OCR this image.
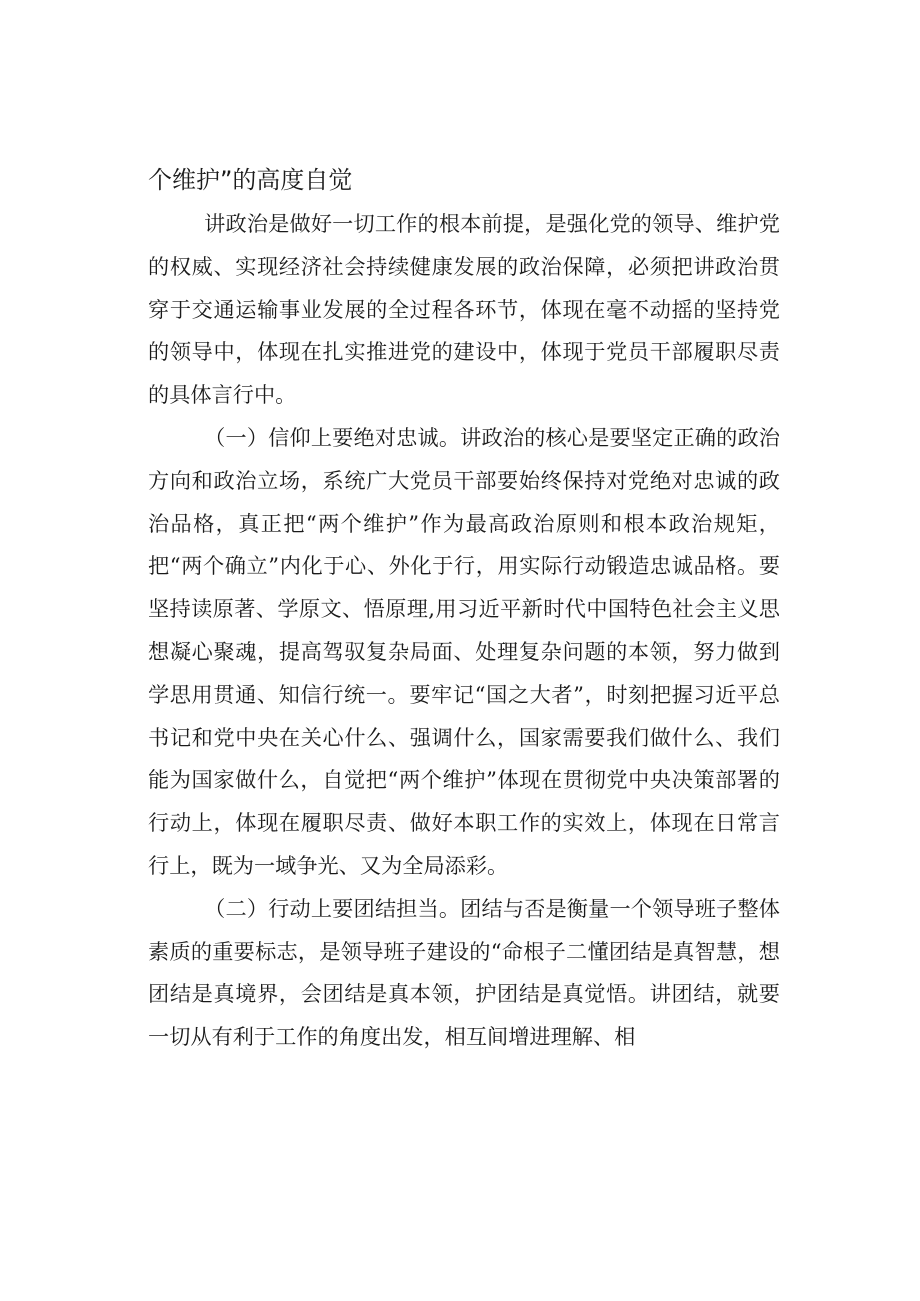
个维护”的高度自觉

讲政治是做好一切工作的根本前提，是强化党的领导、维护党的权威、实现经济社会持续健康发展的政治保障，必须把讲政治贯穿于交通运输事业发展的全过程各环节，体现在毫不动摇的坚持党的领导中，体现在扎实推进党的建设中，体现于党员干部履职尽责的具体言行中。

（一）信仰上要绝对忠诚。讲政治的核心是要坚定正确的政治方向和政治立场，系统广大党员干部要始终保持对党绝对忠诚的政治品格，真正把“两个维护”作为最高政治原则和根本政治规矩，把“两个确立”内化于心、外化于行，用实际行动锻造忠诚品格。要坚持读原著、学原文、悟原理,用习近平新时代中国特色社会主义思想凝心聚魂，提高驾驭复杂局面、处理复杂问题的本领，努力做到学思用贯通、知信行统一。要牢记“国之大者”，时刻把握习近平总书记和党中央在关心什么、强调什么，国家需要我们做什么、我们能为国家做什么，自觉把“两个维护”体现在贯彻党中央决策部署的行动上，体现在履职尽责、做好本职工作的实效上，体现在日常言行上，既为一域争光、又为全局添彩。

（二）行动上要团结担当。团结与否是衡量一个领导班子整体素质的重要标志，是领导班子建设的“命根子二懂团结是真智慧，想团结是真境界，会团结是真本领，护团结是真觉悟。讲团结，就要一切从有利于工作的角度出发，相互间增进理解、相
